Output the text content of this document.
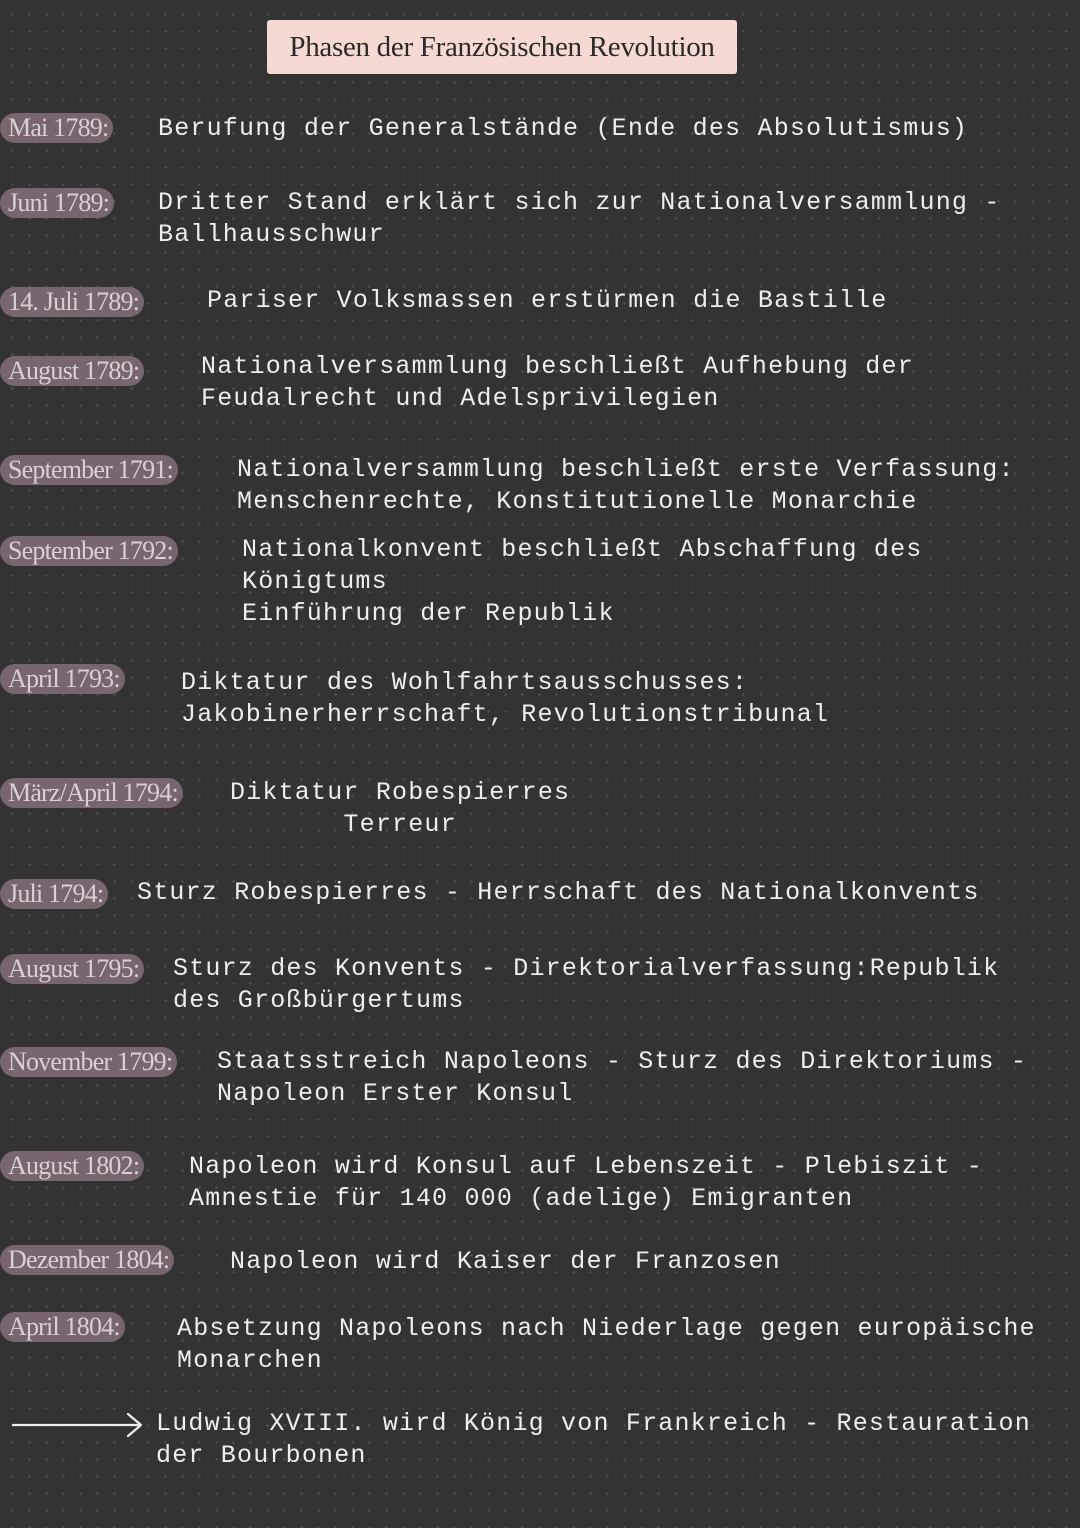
Phasen der Französischen Revolution
Mai 1789: Berufung der Generalstände (Ende des Absolutismus)
Juni 1789: Dritter Stand erklärt sich zur Nationalversammlung -
Ballhausschwur
14. Juli 1789:	Pariser Volksmassen erstürmen die Bastille
August 1789: Nationalversammlung beschließt Aufhebung der
Feudalrecht und Adelsprivilegien
September 1791:	Nationalversammlung beschließt erste Verfassung:
Menschenrechte, Konstitutionelle Monarchie
September 1792:	Nationalkonvent beschließt Abschaffung des
Königtums
Einführung der Republik
April 1793: Diktatur des Wohlfahrtsausschusses:
Jakobinerherrschaft, Revolutionstribunal
März/April 1794: Diktatur Robespierres
Terreur
Juli 1794: Sturz Robespierres - Herrschaft des Nationalkonvents
August 1795: Sturz des Konvents - Direktorialverfassung:Republik
des Großbürgertums
November 1799: Staatsstreich Napoleons - Sturz des Direktoriums -
Napoleon Erster Konsul
August 1802: Napoleon wird Konsul auf Lebenszeit - Plebiszit -
Amnestie für 140 000 (adelige) Emigranten
Dezember 1804: Napoleon wird Kaiser der Franzosen
April 1804: Absetzung Napoleons nach Niederlage gegen europäische
Monarchen
Ludwig XVIII. wird König von Frankreich - Restauration
der Bourbonen
